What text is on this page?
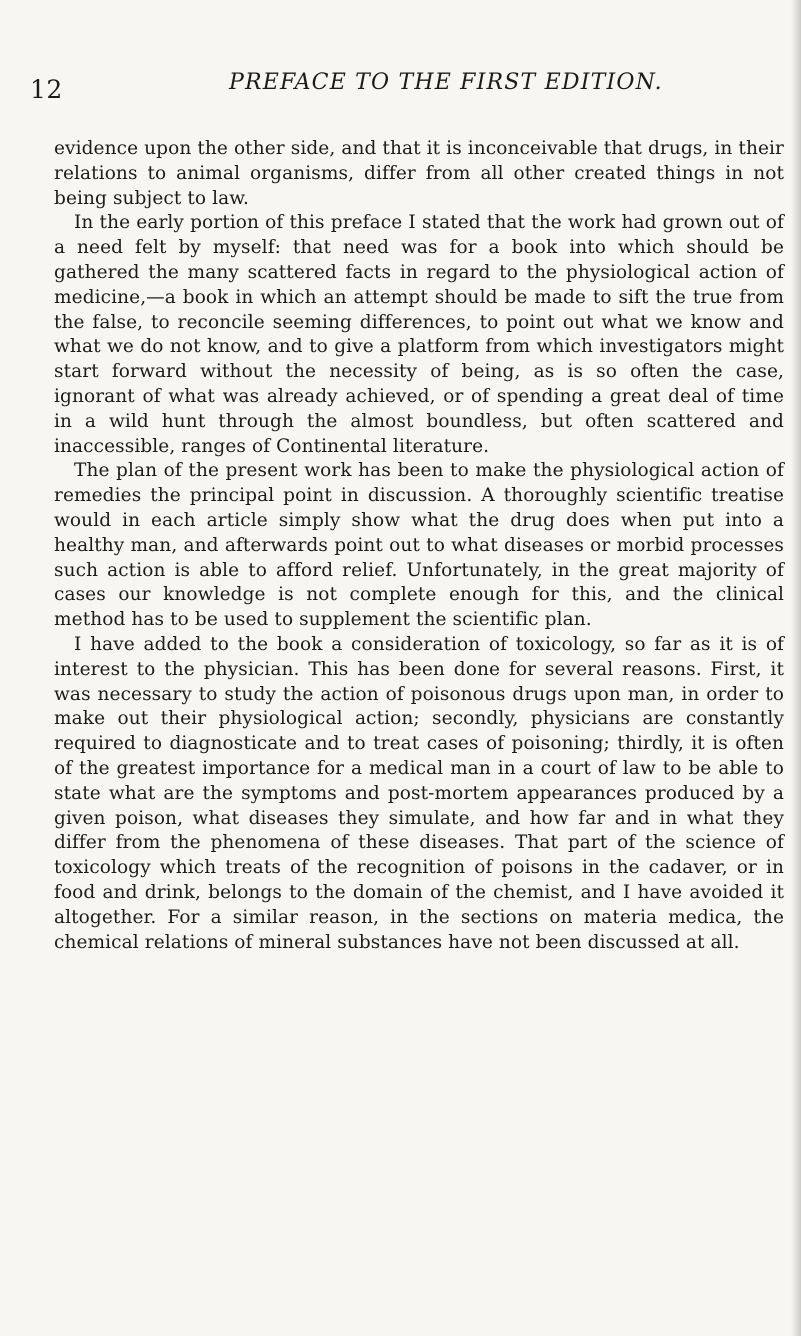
12	PREFACE TO THE FIRST EDITION.

evidence upon the other side, and that it is inconceivable that drugs, in their relations to animal organisms, differ from all other created things in not being subject to law.

In the early portion of this preface I stated that the work had grown out of a need felt by myself: that need was for a book into which should be gathered the many scattered facts in regard to the physiological action of medicine,—a book in which an attempt should be made to sift the true from the false, to reconcile seeming differences, to point out what we know and what we do not know, and to give a platform from which investigators might start forward without the necessity of being, as is so often the case, ignorant of what was already achieved, or of spending a great deal of time in a wild hunt through the almost boundless, but often scattered and inaccessible, ranges of Continental literature.

The plan of the present work has been to make the physiological action of remedies the principal point in discussion. A thoroughly scientific treatise would in each article simply show what the drug does when put into a healthy man, and afterwards point out to what diseases or morbid processes such action is able to afford relief. Unfortunately, in the great majority of cases our knowledge is not complete enough for this, and the clinical method has to be used to supplement the scientific plan.

I have added to the book a consideration of toxicology, so far as it is of interest to the physician. This has been done for several reasons. First, it was necessary to study the action of poisonous drugs upon man, in order to make out their physiological action; secondly, physicians are constantly required to diagnosticate and to treat cases of poisoning; thirdly, it is often of the greatest importance for a medical man in a court of law to be able to state what are the symptoms and post-mortem appearances produced by a given poison, what diseases they simulate, and how far and in what they differ from the phenomena of these diseases. That part of the science of toxicology which treats of the recognition of poisons in the cadaver, or in food and drink, belongs to the domain of the chemist, and I have avoided it altogether. For a similar reason, in the sections on materia medica, the chemical relations of mineral substances have not been discussed at all.
